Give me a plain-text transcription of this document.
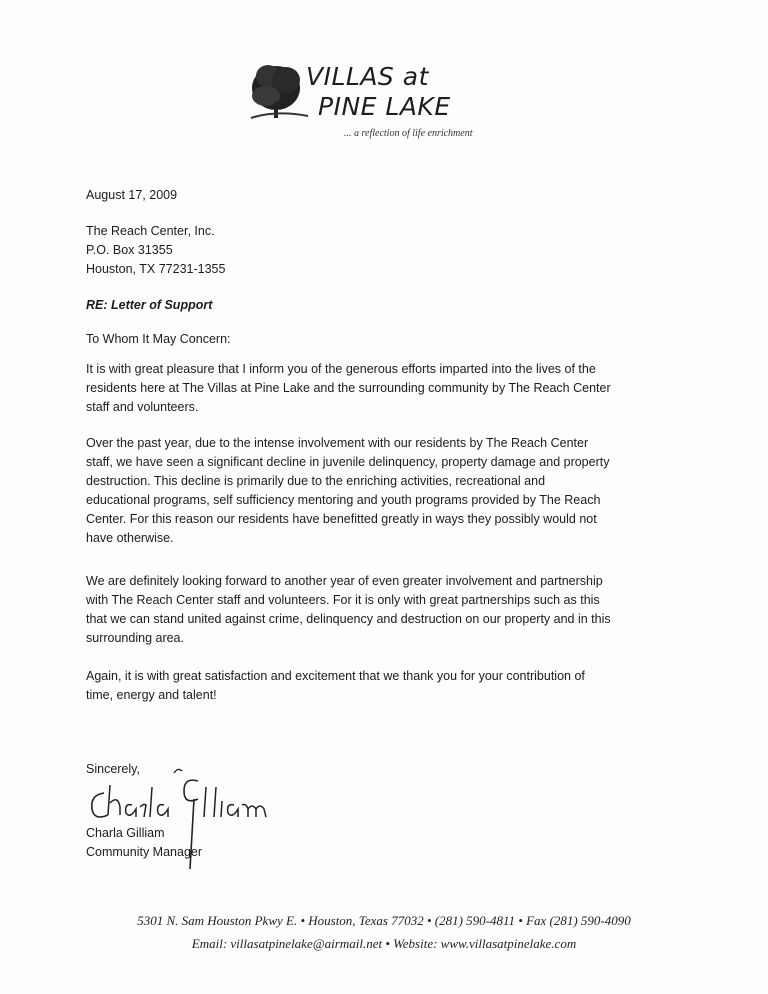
VILLAS at
PINE LAKE
... a reflection of life enrichment
August 17, 2009
The Reach Center, Inc.
P.O. Box 31355
Houston, TX 77231-1355
RE: Letter of Support
To Whom It May Concern:
It is with great pleasure that I inform you of the generous efforts imparted into the lives of the
residents here at The Villas at Pine Lake and the surrounding community by The Reach Center
staff and volunteers.
Over the past year, due to the intense involvement with our residents by The Reach Center
staff, we have seen a significant decline in juvenile delinquency, property damage and property
destruction. This decline is primarily due to the enriching activities, recreational and
educational programs, self sufficiency mentoring and youth programs provided by The Reach
Center. For this reason our residents have benefitted greatly in ways they possibly would not
have otherwise.
We are definitely looking forward to another year of even greater involvement and partnership
with The Reach Center staff and volunteers. For it is only with great partnerships such as this
that we can stand united against crime, delinquency and destruction on our property and in this
surrounding area.
Again, it is with great satisfaction and excitement that we thank you for your contribution of
time, energy and talent!
Sincerely,
Charla Gilliam
Community Manager
5301 N. Sam Houston Pkwy E. • Houston, Texas 77032 • (281) 590-4811 • Fax (281) 590-4090
Email: villasatpinelake@airmail.net • Website: www.villasatpinelake.com
